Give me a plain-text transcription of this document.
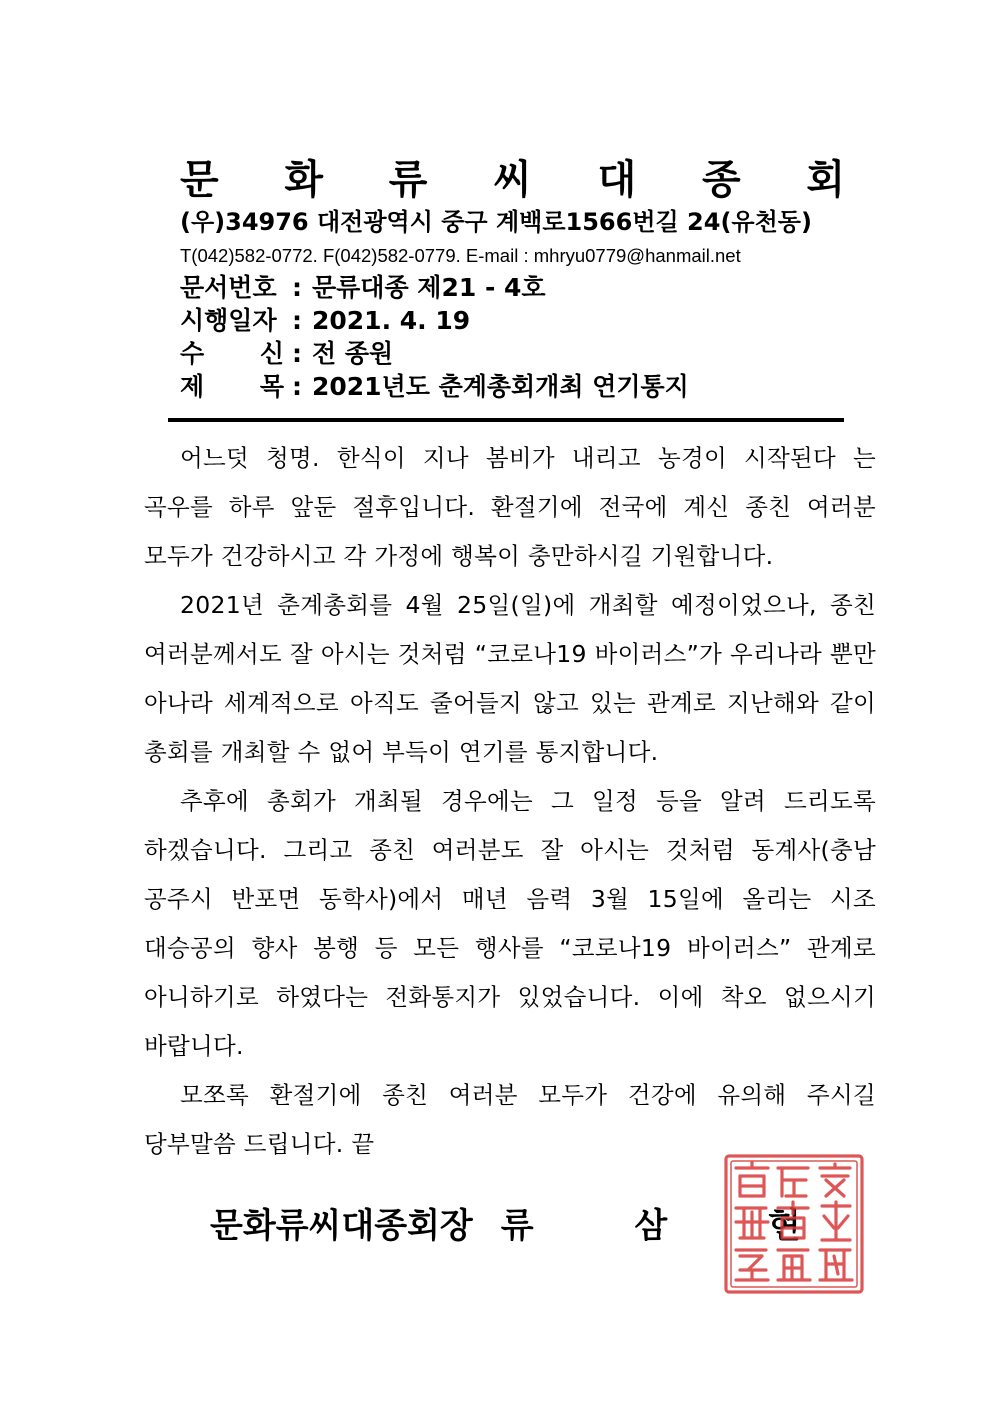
문 화 류 씨 대 종 회
(우)34976 대전광역시 중구 계백로1566번길 24(유천동)
T(042)582-0772. F(042)582-0779. E-mail : mhryu0779@hanmail.net
문서번호 : 문류대종 제21 - 4호
시행일자 : 2021. 4. 19
수 신 : 전 종원
제 목 : 2021년도 춘계총회개최 연기통지

어느덧 청명. 한식이 지나 봄비가 내리고 농경이 시작된다 는 곡우를 하루 앞둔 절후입니다. 환절기에 전국에 계신 종친 여러분 모두가 건강하시고 각 가정에 행복이 충만하시길 기원합니다.

2021년 춘계총회를 4월 25일(일)에 개최할 예정이었으나, 종친 여러분께서도 잘 아시는 것처럼 “코로나19 바이러스”가 우리나라 뿐만 아나라 세계적으로 아직도 줄어들지 않고 있는 관계로 지난해와 같이 총회를 개최할 수 없어 부득이 연기를 통지합니다.

추후에 총회가 개최될 경우에는 그 일정 등을 알려 드리도록 하겠습니다. 그리고 종친 여러분도 잘 아시는 것처럼 동계사(충남 공주시 반포면 동학사)에서 매년 음력 3월 15일에 올리는 시조 대승공의 향사 봉행 등 모든 행사를 “코로나19 바이러스” 관계로 아니하기로 하였다는 전화통지가 있었습니다. 이에 착오 없으시기 바랍니다.

모쪼록 환절기에 종친 여러분 모두가 건강에 유의해 주시길 당부말씀 드립니다. 끝

문화류씨대종회장 류	삼	현
